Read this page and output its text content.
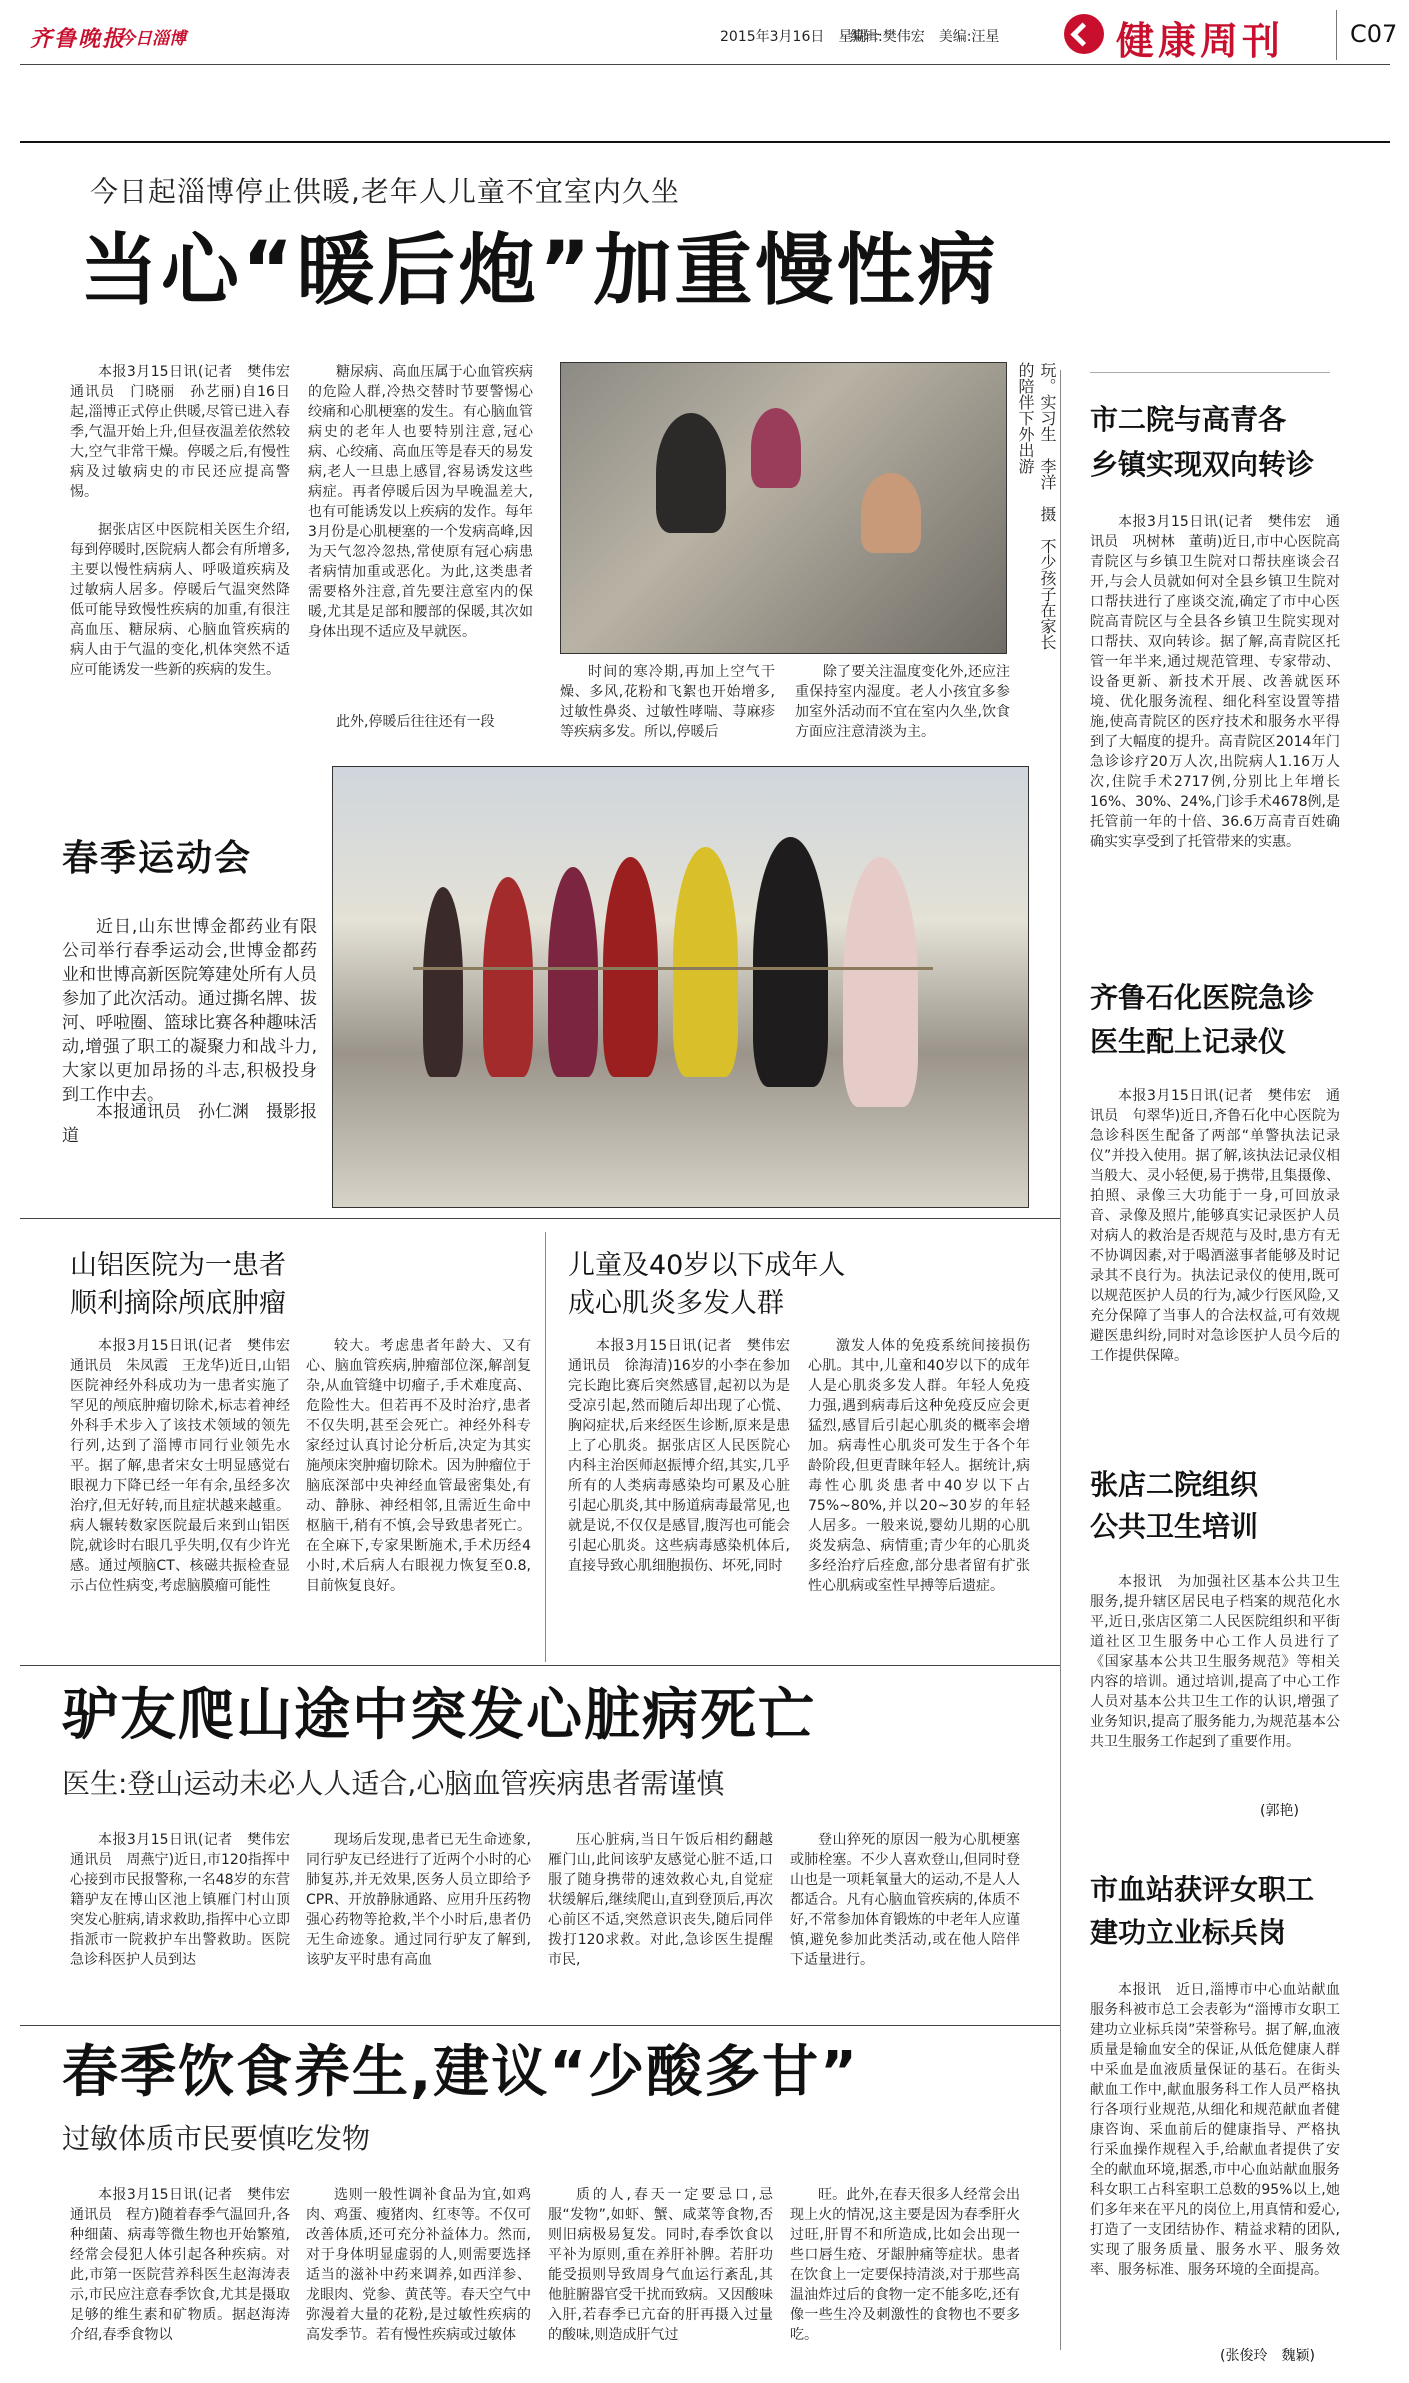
齐鲁晚报
今日淄博	2015年3月16日　星期一
编辑:樊伟宏　美编:汪星	健康周刊	C07
今日起淄博停止供暖,老年人儿童不宜室内久坐
当心“暖后炮”加重慢性病

本报3月15日讯(记者　樊伟宏　通讯员　门晓丽　孙艺丽)自16日起,淄博正式停止供暖,尽管已进入春季,气温开始上升,但昼夜温差依然较大,空气非常干燥。停暖之后,有慢性病及过敏病史的市民还应提高警惕。

据张店区中医院相关医生介绍,每到停暖时,医院病人都会有所增多,主要以慢性病病人、呼吸道疾病及过敏病人居多。停暖后气温突然降低可能导致慢性疾病的加重,有很注高血压、糖尿病、心脑血管疾病的病人由于气温的变化,机体突然不适应可能诱发一些新的疾病的发生。

糖尿病、高血压属于心血管疾病的危险人群,冷热交替时节要警惕心绞痛和心肌梗塞的发生。有心脑血管病史的老年人也要特别注意,冠心病、心绞痛、高血压等是春天的易发病,老人一旦患上感冒,容易诱发这些病症。再者停暖后因为早晚温差大,也有可能诱发以上疾病的发作。每年3月份是心肌梗塞的一个发病高峰,因为天气忽冷忽热,常使原有冠心病患者病情加重或恶化。为此,这类患者需要格外注意,首先要注意室内的保暖,尤其是足部和腰部的保暖,其次如身体出现不适应及早就医。

此外,停暖后往往还有一段

玩。实习生　李洋　摄　不少孩子在家长的陪伴下外出游

时间的寒冷期,再加上空气干燥、多风,花粉和飞絮也开始增多,过敏性鼻炎、过敏性哮喘、荨麻疹等疾病多发。所以,停暖后

除了要关注温度变化外,还应注重保持室内湿度。老人小孩宜多参加室外活动而不宜在室内久坐,饮食方面应注意清淡为主。

春季运动会

近日,山东世博金都药业有限公司举行春季运动会,世博金都药业和世博高新医院筹建处所有人员参加了此次活动。通过撕名牌、拔河、呼啦圈、篮球比赛各种趣味活动,增强了职工的凝聚力和战斗力,大家以更加昂扬的斗志,积极投身到工作中去。

本报通讯员　孙仁渊　摄影报道

山铝医院为一患者
顺利摘除颅底肿瘤

本报3月15日讯(记者　樊伟宏　通讯员　朱凤霞　王龙华)近日,山铝医院神经外科成功为一患者实施了罕见的颅底肿瘤切除术,标志着神经外科手术步入了该技术领域的领先行列,达到了淄博市同行业领先水平。据了解,患者宋女士明显感觉右眼视力下降已经一年有余,虽经多次治疗,但无好转,而且症状越来越重。病人辗转数家医院最后来到山铝医院,就诊时右眼几乎失明,仅有少许光感。通过颅脑CT、核磁共振检查显示占位性病变,考虑脑膜瘤可能性

较大。考虑患者年龄大、又有心、脑血管疾病,肿瘤部位深,解剖复杂,从血管缝中切瘤子,手术难度高、危险性大。但若再不及时治疗,患者不仅失明,甚至会死亡。神经外科专家经过认真讨论分析后,决定为其实施颅床突肿瘤切除术。因为肿瘤位于脑底深部中央神经血管最密集处,有动、静脉、神经相邻,且需近生命中枢脑干,稍有不慎,会导致患者死亡。在全麻下,专家果断施术,手术历经4小时,术后病人右眼视力恢复至0.8,目前恢复良好。

儿童及40岁以下成年人
成心肌炎多发人群

本报3月15日讯(记者　樊伟宏　通讯员　徐海清)16岁的小李在参加完长跑比赛后突然感冒,起初以为是受凉引起,然而随后却出现了心慌、胸闷症状,后来经医生诊断,原来是患上了心肌炎。据张店区人民医院心内科主治医师赵振博介绍,其实,几乎所有的人类病毒感染均可累及心脏引起心肌炎,其中肠道病毒最常见,也就是说,不仅仅是感冒,腹泻也可能会引起心肌炎。这些病毒感染机体后,直接导致心肌细胞损伤、坏死,同时

激发人体的免疫系统间接损伤心肌。其中,儿童和40岁以下的成年人是心肌炎多发人群。年轻人免疫力强,遇到病毒后这种免疫反应会更猛烈,感冒后引起心肌炎的概率会增加。病毒性心肌炎可发生于各个年龄阶段,但更青睐年轻人。据统计,病毒性心肌炎患者中40岁以下占75%~80%,并以20~30岁的年轻人居多。一般来说,婴幼儿期的心肌炎发病急、病情重;青少年的心肌炎多经治疗后痊愈,部分患者留有扩张性心肌病或室性早搏等后遗症。

驴友爬山途中突发心脏病死亡
医生:登山运动未必人人适合,心脑血管疾病患者需谨慎

本报3月15日讯(记者　樊伟宏　通讯员　周燕宁)近日,市120指挥中心接到市民报警称,一名48岁的东营籍驴友在博山区池上镇雁门村山顶突发心脏病,请求救助,指挥中心立即指派市一院救护车出警救助。医院急诊科医护人员到达

现场后发现,患者已无生命迹象,同行驴友已经进行了近两个小时的心肺复苏,并无效果,医务人员立即给予CPR、开放静脉通路、应用升压药物强心药物等抢救,半个小时后,患者仍无生命迹象。通过同行驴友了解到,该驴友平时患有高血

压心脏病,当日午饭后相约翻越雁门山,此间该驴友感觉心脏不适,口服了随身携带的速效救心丸,自觉症状缓解后,继续爬山,直到登顶后,再次心前区不适,突然意识丧失,随后同伴拨打120求救。对此,急诊医生提醒市民,

登山猝死的原因一般为心肌梗塞或肺栓塞。不少人喜欢登山,但同时登山也是一项耗氧量大的运动,不是人人都适合。凡有心脑血管疾病的,体质不好,不常参加体育锻炼的中老年人应谨慎,避免参加此类活动,或在他人陪伴下适量进行。

春季饮食养生,建议“少酸多甘”
过敏体质市民要慎吃发物

本报3月15日讯(记者　樊伟宏　通讯员　程方)随着春季气温回升,各种细菌、病毒等微生物也开始繁殖,经常会侵犯人体引起各种疾病。对此,市第一医院营养科医生赵海涛表示,市民应注意春季饮食,尤其是摄取足够的维生素和矿物质。据赵海涛介绍,春季食物以

选则一般性调补食品为宜,如鸡肉、鸡蛋、瘦猪肉、红枣等。不仅可改善体质,还可充分补益体力。然而,对于身体明显虚弱的人,则需要选择适当的滋补中药来调养,如西洋参、龙眼肉、党参、黄芪等。春天空气中弥漫着大量的花粉,是过敏性疾病的高发季节。若有慢性疾病或过敏体

质的人,春天一定要忌口,忌服“发物”,如虾、蟹、咸菜等食物,否则旧病极易复发。同时,春季饮食以平补为原则,重在养肝补脾。若肝功能受损则导致周身气血运行紊乱,其他脏腑器官受干扰而致病。又因酸味入肝,若春季已亢奋的肝再摄入过量的酸味,则造成肝气过

旺。此外,在春天很多人经常会出现上火的情况,这主要是因为春季肝火过旺,肝胃不和所造成,比如会出现一些口唇生疮、牙龈肿痛等症状。患者在饮食上一定要保持清淡,对于那些高温油炸过后的食物一定不能多吃,还有像一些生冷及刺激性的食物也不要多吃。

市二院与高青各
乡镇实现双向转诊

本报3月15日讯(记者　樊伟宏　通讯员　巩树林　董萌)近日,市中心医院高青院区与乡镇卫生院对口帮扶座谈会召开,与会人员就如何对全县乡镇卫生院对口帮扶进行了座谈交流,确定了市中心医院高青院区与全县各乡镇卫生院实现对口帮扶、双向转诊。据了解,高青院区托管一年半来,通过规范管理、专家带动、设备更新、新技术开展、改善就医环境、优化服务流程、细化科室设置等措施,使高青院区的医疗技术和服务水平得到了大幅度的提升。高青院区2014年门急诊诊疗20万人次,出院病人1.16万人次,住院手术2717例,分别比上年增长16%、30%、24%,门诊手术4678例,是托管前一年的十倍、36.6万高青百姓确确实实享受到了托管带来的实惠。

齐鲁石化医院急诊
医生配上记录仪

本报3月15日讯(记者　樊伟宏　通讯员　句翠华)近日,齐鲁石化中心医院为急诊科医生配备了两部“单警执法记录仪”并投入使用。据了解,该执法记录仪相当般大、灵小轻便,易于携带,且集摄像、拍照、录像三大功能于一身,可回放录音、录像及照片,能够真实记录医护人员对病人的救治是否规范与及时,患方有无不协调因素,对于喝酒滋事者能够及时记录其不良行为。执法记录仪的使用,既可以规范医护人员的行为,减少行医风险,又充分保障了当事人的合法权益,可有效规避医患纠纷,同时对急诊医护人员今后的工作提供保障。

张店二院组织
公共卫生培训

本报讯　为加强社区基本公共卫生服务,提升辖区居民电子档案的规范化水平,近日,张店区第二人民医院组织和平街道社区卫生服务中心工作人员进行了《国家基本公共卫生服务规范》等相关内容的培训。通过培训,提高了中心工作人员对基本公共卫生工作的认识,增强了业务知识,提高了服务能力,为规范基本公共卫生服务工作起到了重要作用。

(郭艳)
市血站获评女职工
建功立业标兵岗

本报讯　近日,淄博市中心血站献血服务科被市总工会表彰为“淄博市女职工建功立业标兵岗”荣誉称号。据了解,血液质量是输血安全的保证,从低危健康人群中采血是血液质量保证的基石。在街头献血工作中,献血服务科工作人员严格执行各项行业规范,从细化和规范献血者健康咨询、采血前后的健康指导、严格执行采血操作规程入手,给献血者提供了安全的献血环境,据悉,市中心血站献血服务科女职工占科室职工总数的95%以上,她们多年来在平凡的岗位上,用真情和爱心,打造了一支团结协作、精益求精的团队,实现了服务质量、服务水平、服务效率、服务标准、服务环境的全面提高。

(张俊玲　魏颖)
